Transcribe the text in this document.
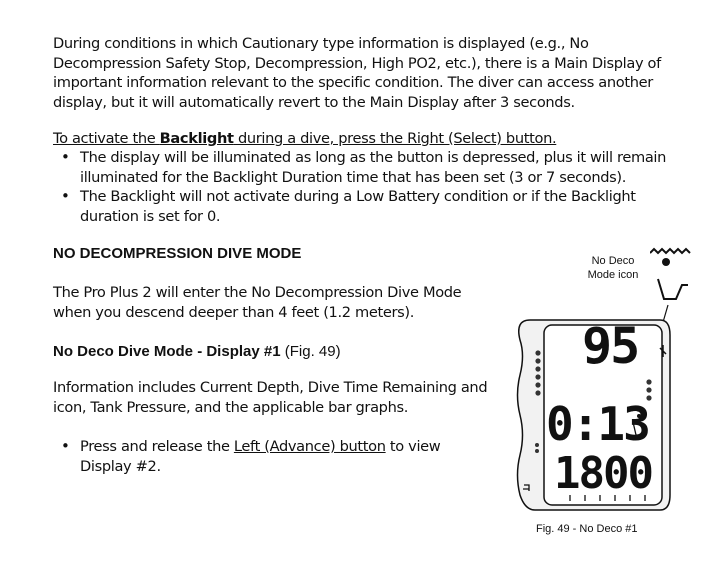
During conditions in which Cautionary type information is displayed (e.g., No Decompression Safety Stop, Decompression, High PO2, etc.), there is a Main Display of important information relevant to the specific condition. The diver can access another display, but it will automatically revert to the Main Display after 3 seconds.
To activate the Backlight during a dive, press the Right (Select) button.
• The display will be illuminated as long as the button is depressed, plus it will remain illuminated for the Backlight Duration time that has been set (3 or 7 seconds).
• The Backlight will not activate during a Low Battery condition or if the Backlight duration is set for 0.
NO DECOMPRESSION DIVE MODE
The Pro Plus 2 will enter the No Decompression Dive Mode when you descend deeper than 4 feet (1.2 meters).
No Deco Dive Mode - Display #1 (Fig. 49)
Information includes Current Depth, Dive Time Remaining and icon, Tank Pressure, and the applicable bar graphs.
• Press and release the Left (Advance) button to view Display #2.
No Deco
Mode icon
95
0:13
1800
Fig. 49 - No Deco #1
